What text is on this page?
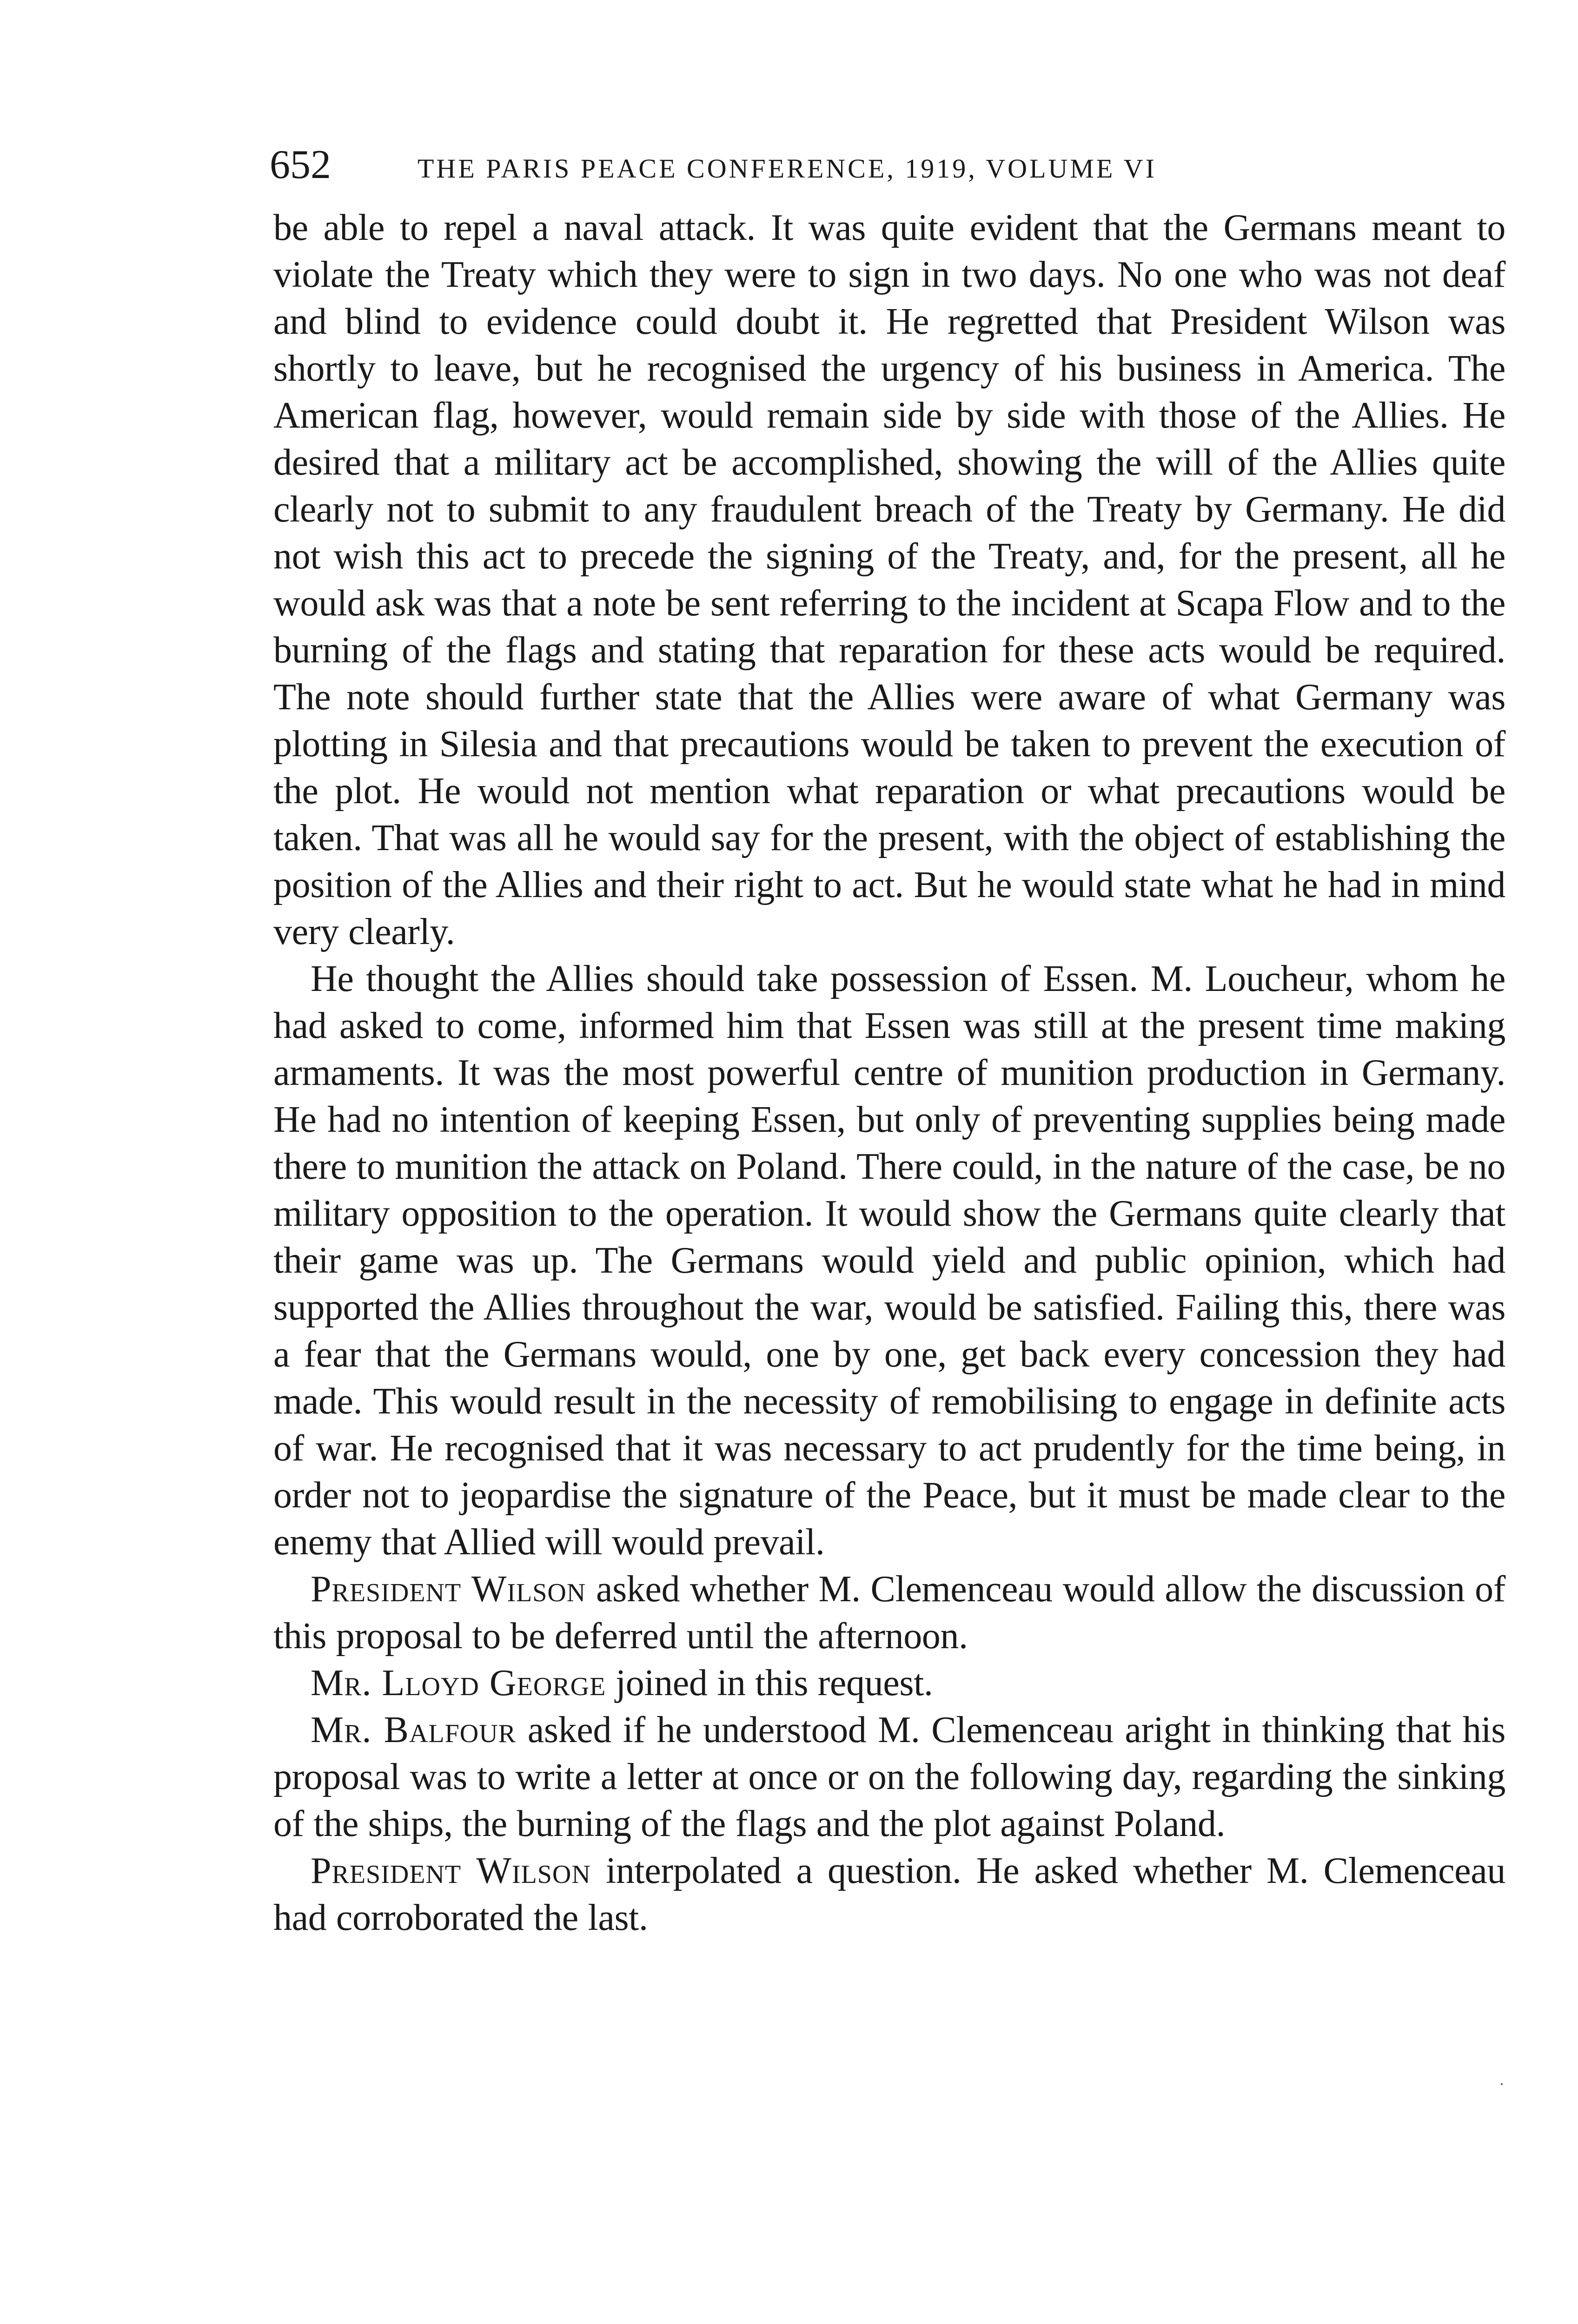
652	THE PARIS PEACE CONFERENCE, 1919, VOLUME VI

be able to repel a naval attack. It was quite evident that the Germans meant to violate the Treaty which they were to sign in two days. No one who was not deaf and blind to evidence could doubt it. He regretted that President Wilson was shortly to leave, but he recognised the urgency of his business in America. The American flag, however, would remain side by side with those of the Allies. He desired that a military act be accomplished, showing the will of the Allies quite clearly not to submit to any fraudulent breach of the Treaty by Germany. He did not wish this act to precede the signing of the Treaty, and, for the present, all he would ask was that a note be sent referring to the incident at Scapa Flow and to the burning of the flags and stating that reparation for these acts would be required. The note should further state that the Allies were aware of what Germany was plotting in Silesia and that precautions would be taken to prevent the execution of the plot. He would not mention what reparation or what precautions would be taken. That was all he would say for the present, with the object of establishing the position of the Allies and their right to act. But he would state what he had in mind very clearly.

He thought the Allies should take possession of Essen. M. Loucheur, whom he had asked to come, informed him that Essen was still at the present time making armaments. It was the most powerful centre of munition production in Germany. He had no intention of keeping Essen, but only of preventing supplies being made there to munition the attack on Poland. There could, in the nature of the case, be no military opposition to the operation. It would show the Germans quite clearly that their game was up. The Germans would yield and public opinion, which had supported the Allies throughout the war, would be satisfied. Failing this, there was a fear that the Germans would, one by one, get back every concession they had made. This would result in the necessity of remobilising to engage in definite acts of war. He recognised that it was necessary to act prudently for the time being, in order not to jeopardise the signature of the Peace, but it must be made clear to the enemy that Allied will would prevail.

President Wilson asked whether M. Clemenceau would allow the discussion of this proposal to be deferred until the afternoon.

Mr. Lloyd George joined in this request.

Mr. Balfour asked if he understood M. Clemenceau aright in thinking that his proposal was to write a letter at once or on the following day, regarding the sinking of the ships, the burning of the flags and the plot against Poland.

President Wilson interpolated a question. He asked whether M. Clemenceau had corroborated the last.
